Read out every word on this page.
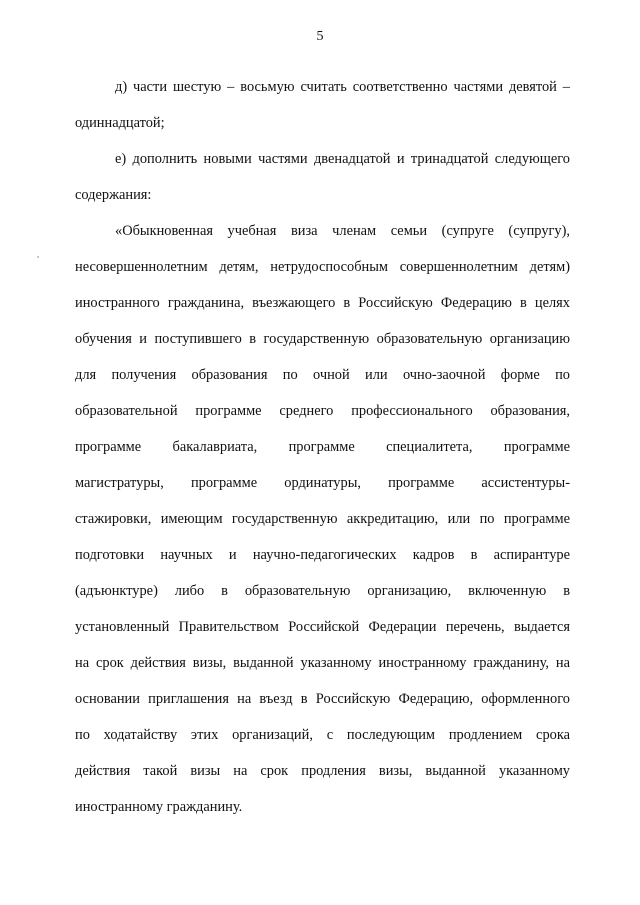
5
д) части шестую – восьмую считать соответственно частями девятой –
одиннадцатой;
е) дополнить новыми частями двенадцатой и тринадцатой следующего
содержания:
«Обыкновенная учебная виза членам семьи (супруге (супругу),
несовершеннолетним детям, нетрудоспособным совершеннолетним детям)
иностранного гражданина, въезжающего в Российскую Федерацию в целях
обучения и поступившего в государственную образовательную организацию
для получения образования по очной или очно-заочной форме по
образовательной программе среднего профессионального образования,
программе бакалавриата, программе специалитета, программе
магистратуры, программе ординатуры, программе ассистентуры-
стажировки, имеющим государственную аккредитацию, или по программе
подготовки научных и научно-педагогических кадров в аспирантуре
(адъюнктуре) либо в образовательную организацию, включенную в
установленный Правительством Российской Федерации перечень, выдается
на срок действия визы, выданной указанному иностранному гражданину, на
основании приглашения на въезд в Российскую Федерацию, оформленного
по ходатайству этих организаций, с последующим продлением срока
действия такой визы на срок продления визы, выданной указанному
иностранному гражданину.
